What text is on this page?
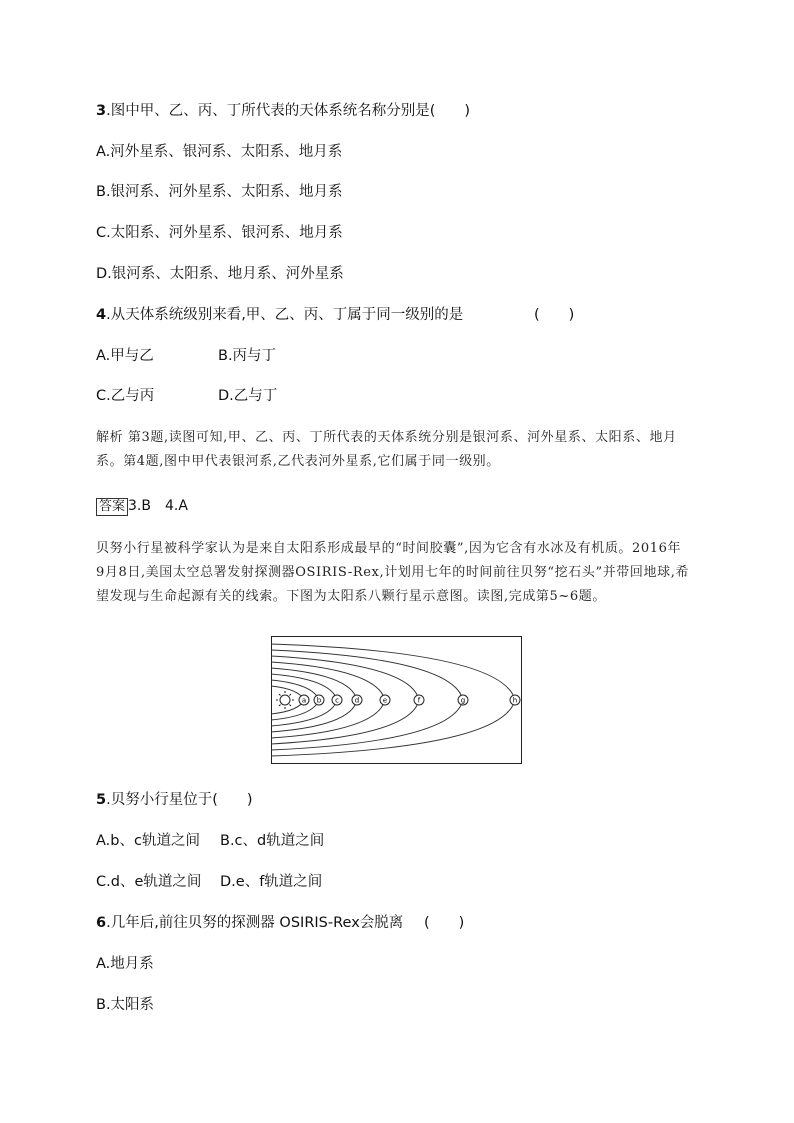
3.图中甲、乙、丙、丁所代表的天体系统名称分别是(　　)
A.河外星系、银河系、太阳系、地月系
B.银河系、河外星系、太阳系、地月系
C.太阳系、河外星系、银河系、地月系
D.银河系、太阳系、地月系、河外星系
4.从天体系统级别来看,甲、乙、丙、丁属于同一级别的是	(　　)
A.甲与乙	B.丙与丁
C.乙与丙	D.乙与丁
解析 第3题,读图可知,甲、乙、丙、丁所代表的天体系统分别是银河系、河外星系、太阳系、地月
系。第4题,图中甲代表银河系,乙代表河外星系,它们属于同一级别。
答案 3.B　4.A
贝努小行星被科学家认为是来自太阳系形成最早的“时间胶囊”,因为它含有水冰及有机质。2016年
9月8日,美国太空总署发射探测器OSIRIS-Rex,计划用七年的时间前往贝努“挖石头”并带回地球,希
望发现与生命起源有关的线索。下图为太阳系八颗行星示意图。读图,完成第5~6题。
a b c d	e	f	g	h
5.贝努小行星位于(　　)
A.b、c轨道之间 B.c、d轨道之间
C.d、e轨道之间 D.e、f轨道之间
6.几年后,前往贝努的探测器 OSIRIS-Rex会脱离 (　　)
A.地月系
B.太阳系
